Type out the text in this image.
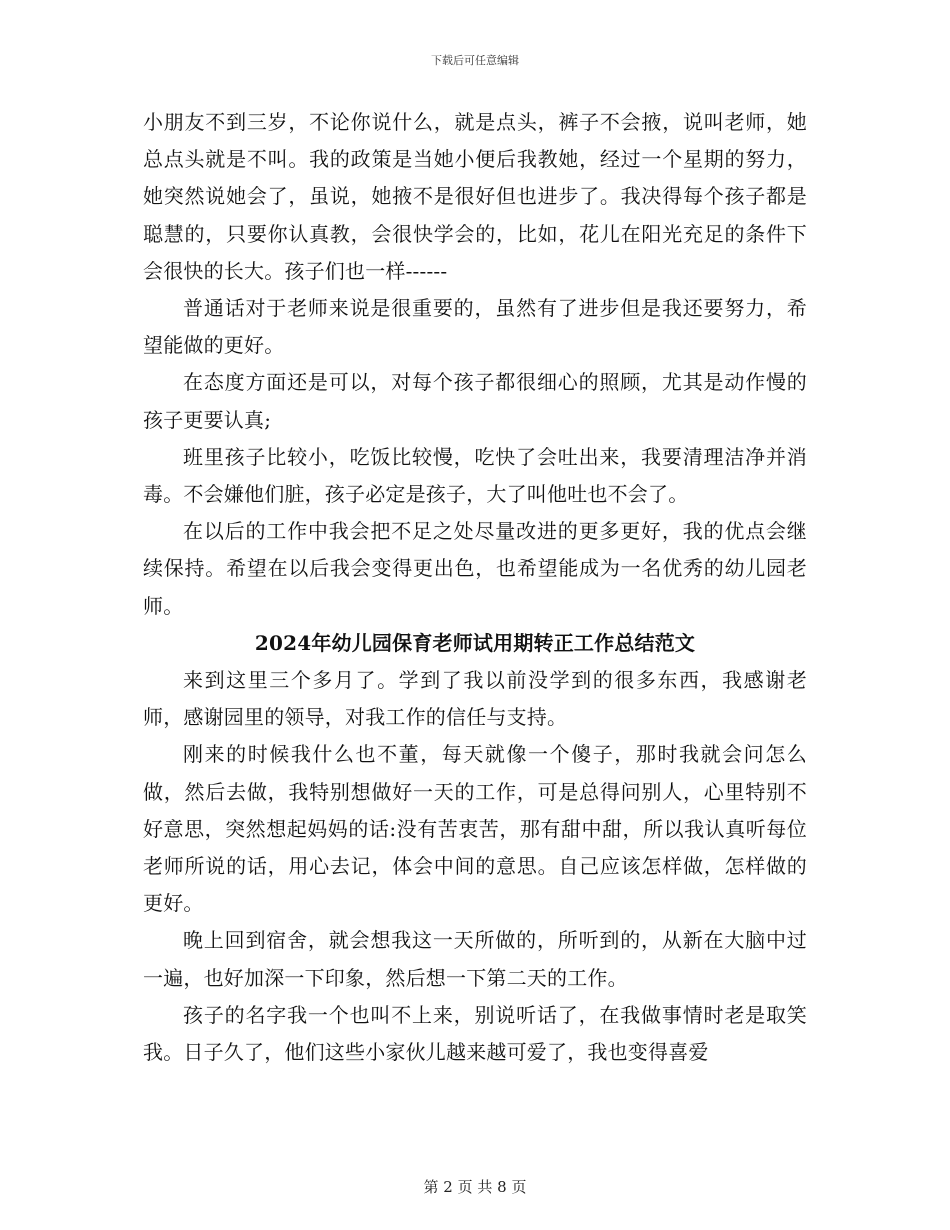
下载后可任意编辑

小朋友不到三岁，不论你说什么，就是点头，裤子不会掖，说叫老师，她总点头就是不叫。我的政策是当她小便后我教她，经过一个星期的努力，她突然说她会了，虽说，她掖不是很好但也进步了。我决得每个孩子都是聪慧的，只要你认真教，会很快学会的，比如，花儿在阳光充足的条件下会很快的长大。孩子们也一样------

普通话对于老师来说是很重要的，虽然有了进步但是我还要努力，希望能做的更好。

在态度方面还是可以，对每个孩子都很细心的照顾，尤其是动作慢的孩子更要认真;

班里孩子比较小，吃饭比较慢，吃快了会吐出来，我要清理洁净并消毒。不会嫌他们脏，孩子必定是孩子，大了叫他吐也不会了。

在以后的工作中我会把不足之处尽量改进的更多更好，我的优点会继续保持。希望在以后我会变得更出色，也希望能成为一名优秀的幼儿园老师。

2024年幼儿园保育老师试用期转正工作总结范文

来到这里三个多月了。学到了我以前没学到的很多东西，我感谢老师，感谢园里的领导，对我工作的信任与支持。

刚来的时候我什么也不董，每天就像一个傻子，那时我就会问怎么做，然后去做，我特别想做好一天的工作，可是总得问别人，心里特别不好意思，突然想起妈妈的话:没有苦衷苦，那有甜中甜，所以我认真听每位老师所说的话，用心去记，体会中间的意思。自己应该怎样做，怎样做的更好。

晚上回到宿舍，就会想我这一天所做的，所听到的，从新在大脑中过一遍，也好加深一下印象，然后想一下第二天的工作。

孩子的名字我一个也叫不上来，别说听话了，在我做事情时老是取笑我。日子久了，他们这些小家伙儿越来越可爱了，我也变得喜爱

第 2 页 共 8 页
